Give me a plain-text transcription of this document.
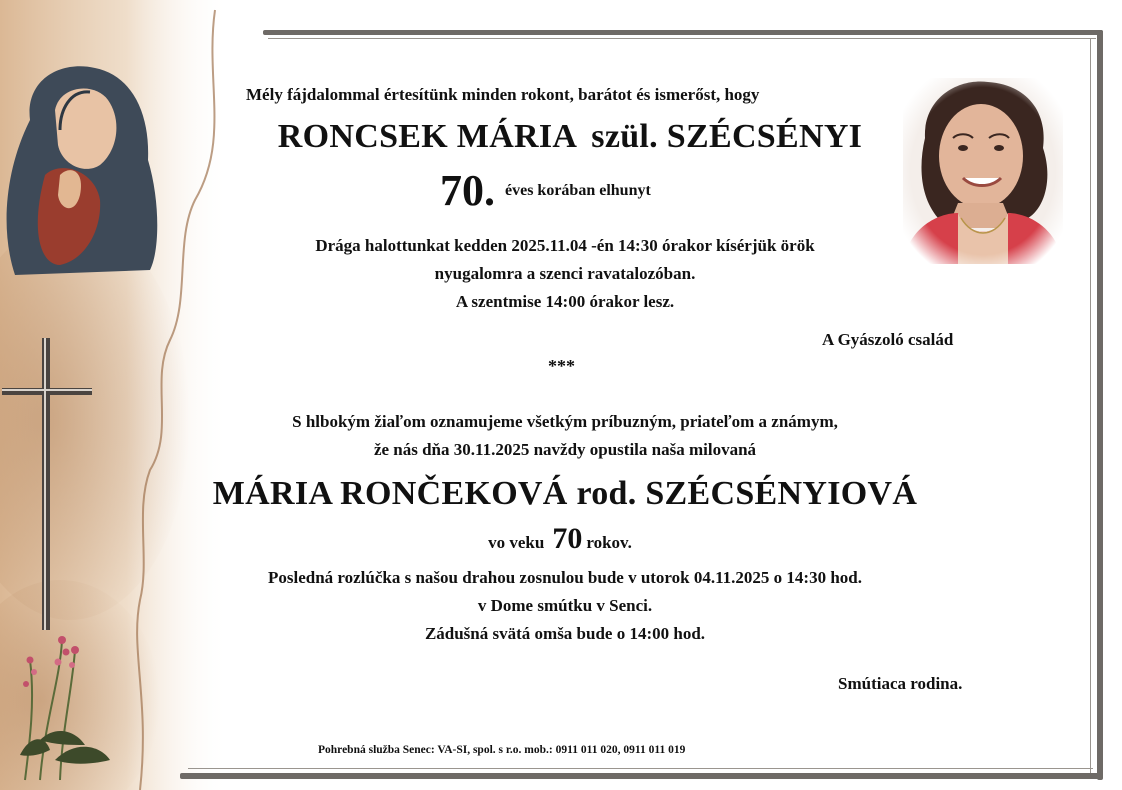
Mély fájdalommal értesítünk minden rokont, barátot és ismerőst, hogy
RONCSEK MÁRIA szül. SZÉCSÉNYI
70. éves korában elhunyt
Drága halottunkat kedden 2025.11.04 -én 14:30 órakor kísérjük örök
nyugalomra a szenci ravatalozóban.
A szentmise 14:00 órakor lesz.
A Gyászoló család
***
S hlbokým žiaľom oznamujeme všetkým príbuzným, priateľom a známym,
že nás dňa 30.11.2025 navždy opustila naša milovaná
MÁRIA RONČEKOVÁ rod. SZÉCSÉNYIOVÁ
vo veku 70 rokov.
Posledná rozlúčka s našou drahou zosnulou bude v utorok 04.11.2025 o 14:30 hod.
v Dome smútku v Senci.
Zádušná svätá omša bude o 14:00 hod.
Smútiaca rodina.
Pohrebná služba Senec: VA-SI, spol. s r.o. mob.: 0911 011 020, 0911 011 019
